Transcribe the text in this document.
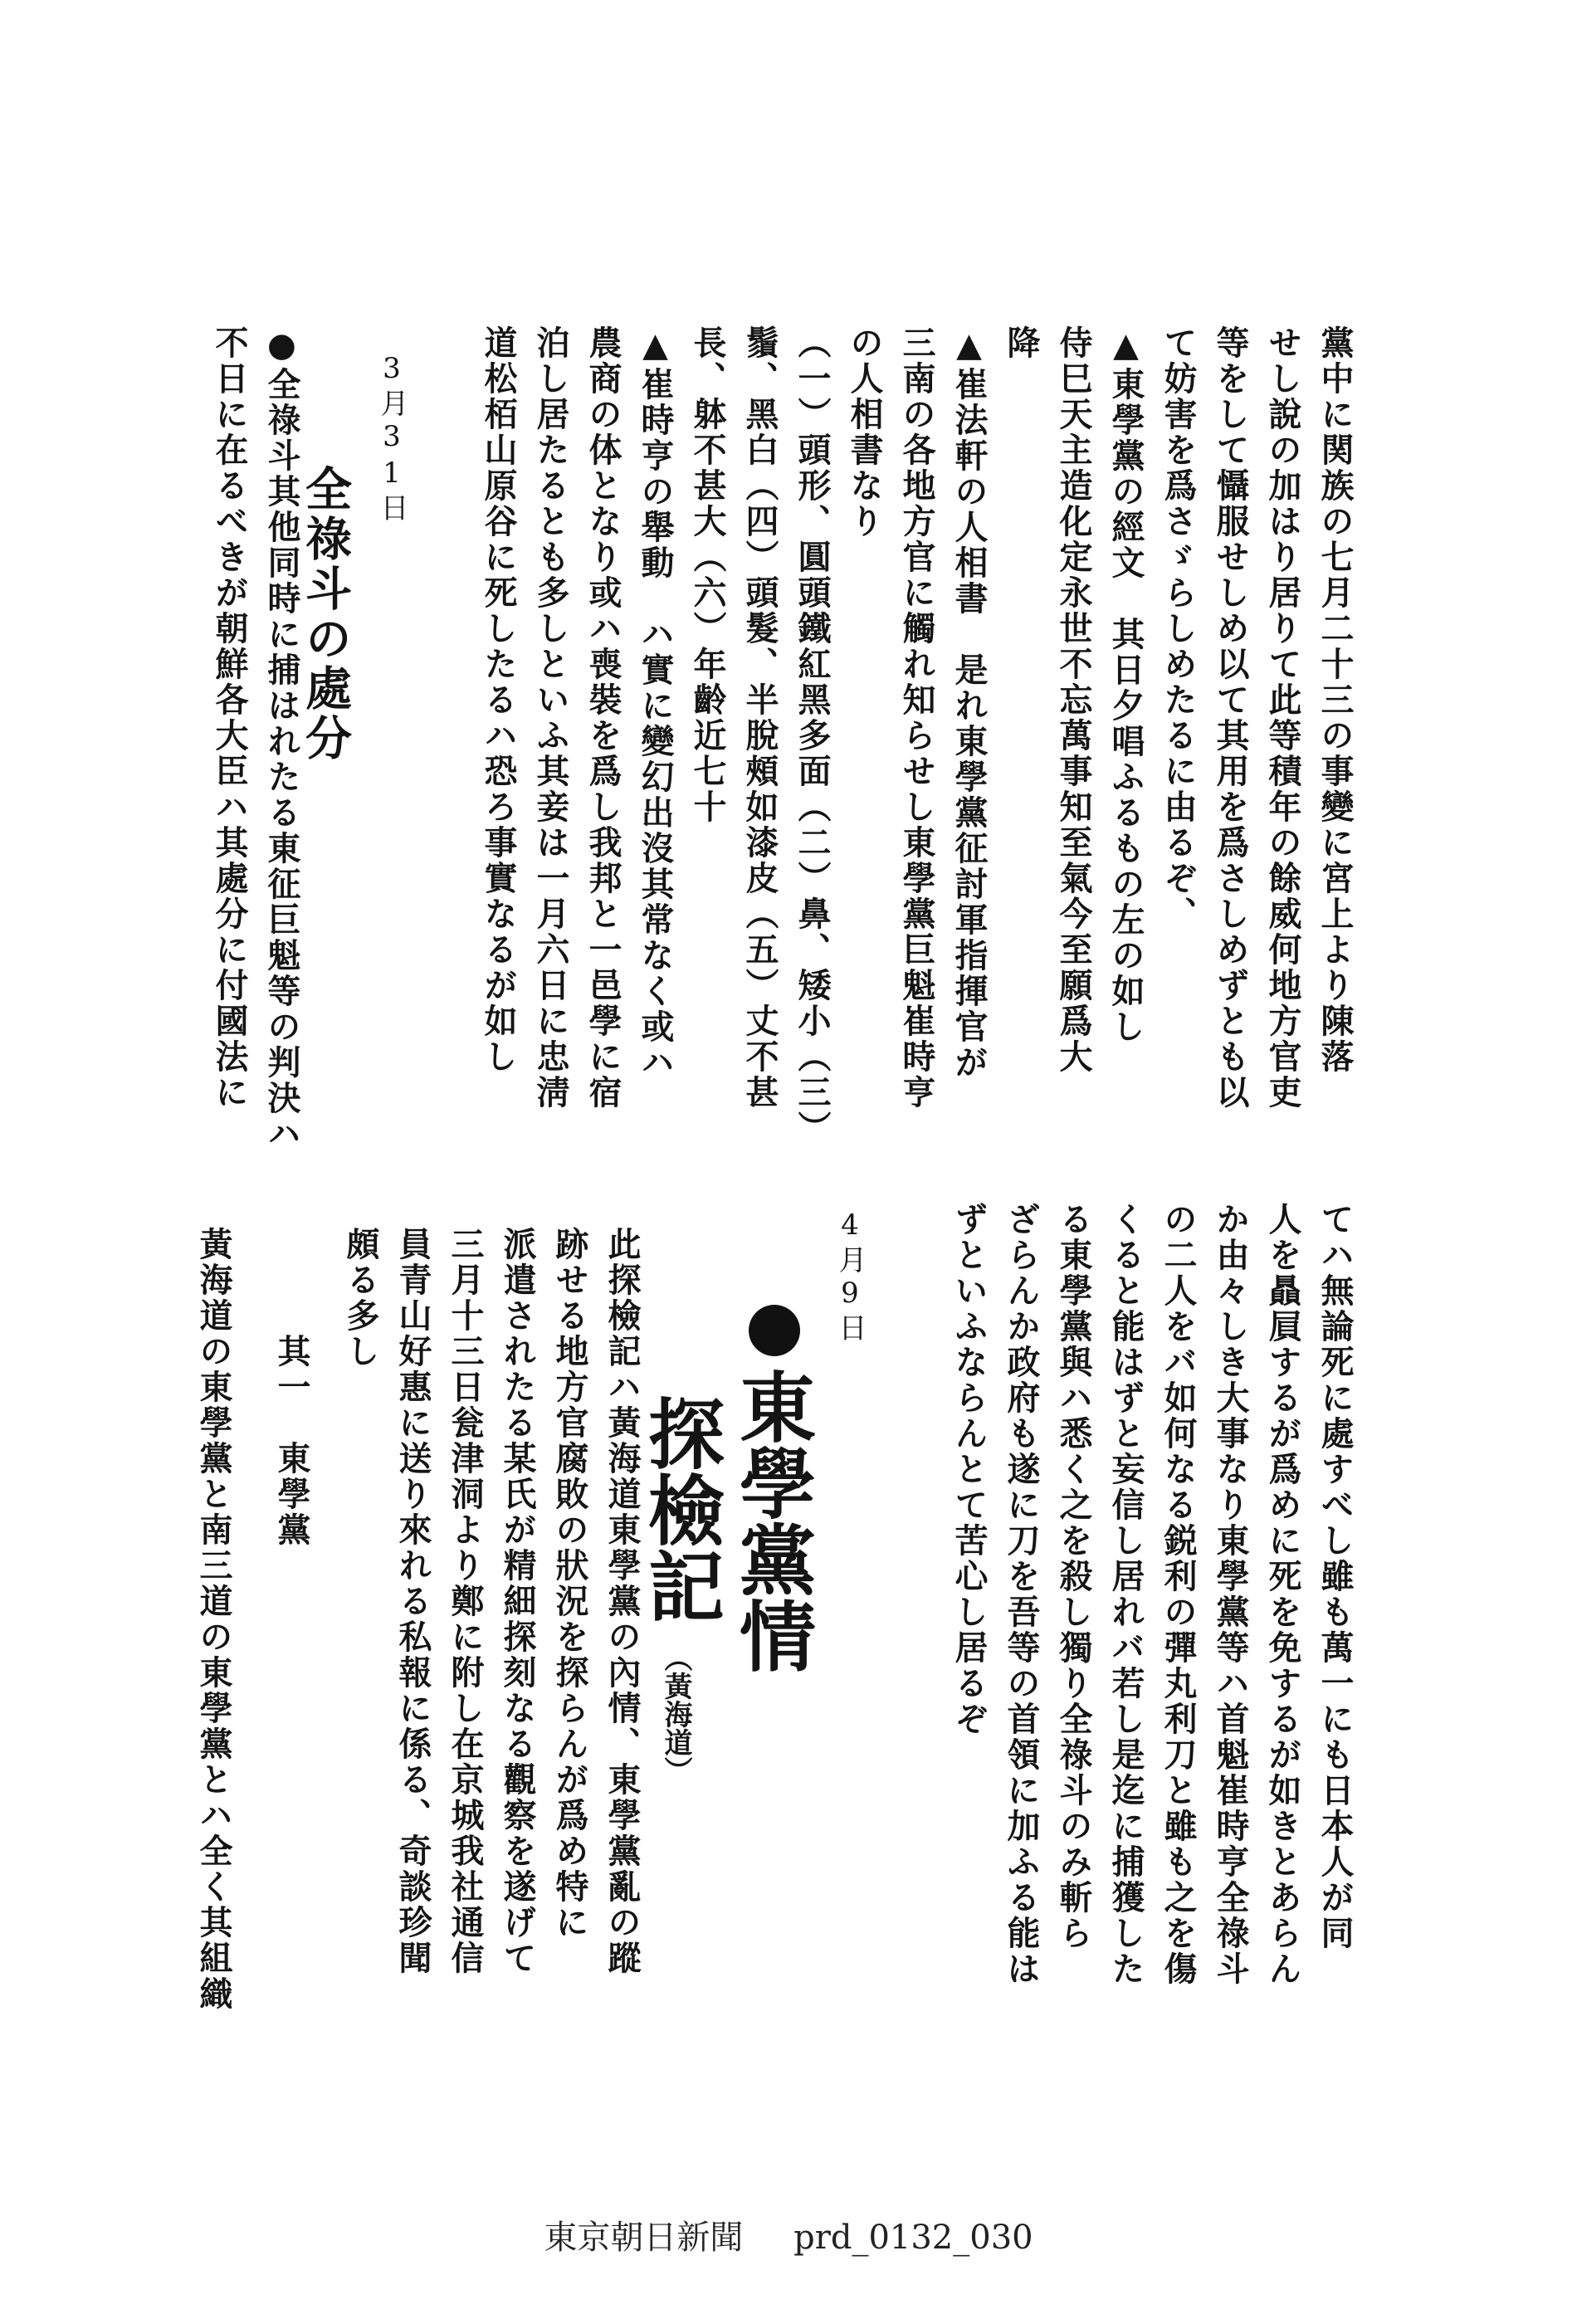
黨中に関族の七月二十三の事變に宮上より陳落
せし說の加はり居りて此等積年の餘威何地方官吏
等をして懾服せしめ以て其用を爲さしめずとも以
て妨害を爲さゞらしめたるに由るぞ、
▲東學黨の經文　其日夕唱ふるもの左の如し
侍巳天主造化定永世不忘萬事知至氣今至願爲大
降
▲崔法軒の人相書　是れ東學黨征討軍指揮官が
三南の各地方官に觸れ知らせし東學黨巨魁崔時亨
の人相書なり
（一）頭形、圓頭鐵紅黑多面（二）鼻、矮小（三）
鬚、黑白（四）頭髮、半脫頰如漆皮（五）丈不甚
長、躰不甚大（六）年齡近七十
▲崔時亨の舉動　ハ實に變幻出沒其常なく或ハ
農商の体となり或ハ喪裝を爲し我邦と一邑學に宿
泊し居たるとも多しといふ其妾は一月六日に忠淸
道松栢山原谷に死したるハ恐ろ事實なるが如し
3月31日
全祿斗の處分
●全祿斗其他同時に捕はれたる東征巨魁等の判決ハ
不日に在るべきが朝鮮各大臣ハ其處分に付國法に
てハ無論死に處すべし雖も萬一にも日本人が同
人を贔屓するが爲めに死を免するが如きとあらん
か由々しき大事なり東學黨等ハ首魁崔時亨全祿斗
の二人をバ如何なる鋭利の彈丸利刀と雖も之を傷
くると能はずと妄信し居れバ若し是迄に捕獲した
る東學黨與ハ悉く之を殺し獨り全祿斗のみ斬ら
ざらんか政府も遂に刀を吾等の首領に加ふる能は
ずといふならんとて苦心し居るぞ
4月9日
東學黨情
探檢記
（黃海道）
此探檢記ハ黃海道東學黨の內情、東學黨亂の蹤
跡せる地方官腐敗の狀況を探らんが爲め特に
派遣されたる某氏が精細探刻なる觀察を遂げて
三月十三日瓮津洞より鄭に附し在京城我社通信
員青山好惠に送り來れる私報に係る、奇談珍聞
頗る多し
　　　其一　東學黨
黃海道の東學黨と南三道の東學黨とハ全く其組織
東京朝日新聞 prd_0132_030
